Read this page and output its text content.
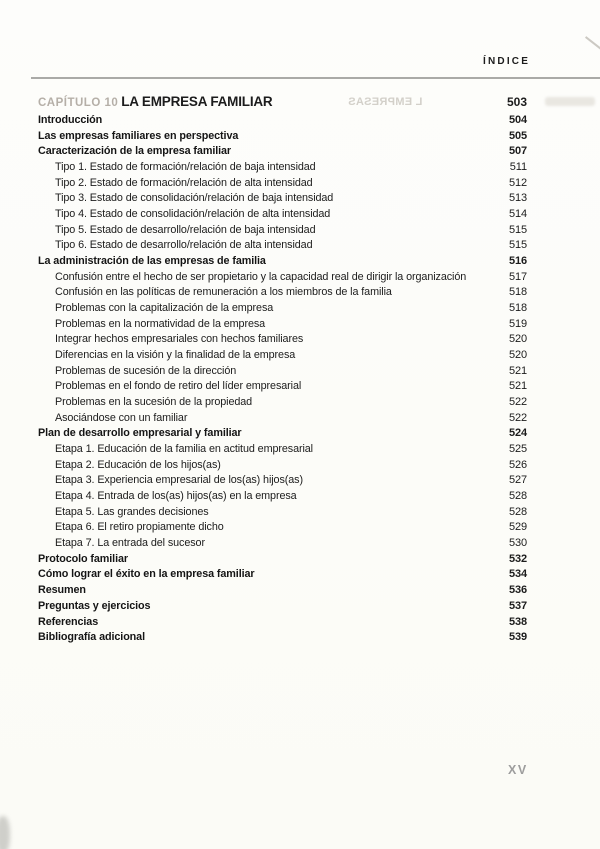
ÍNDICE
CAPÍTULO 10 LA EMPRESA FAMILIAR	L EMPRESAS	503
Introducción	504
Las empresas familiares en perspectiva	505
Caracterización de la empresa familiar	507
Tipo 1. Estado de formación/relación de baja intensidad	511
Tipo 2. Estado de formación/relación de alta intensidad	512
Tipo 3. Estado de consolidación/relación de baja intensidad	513
Tipo 4. Estado de consolidación/relación de alta intensidad	514
Tipo 5. Estado de desarrollo/relación de baja intensidad	515
Tipo 6. Estado de desarrollo/relación de alta intensidad	515
La administración de las empresas de familia	516
Confusión entre el hecho de ser propietario y la capacidad real de dirigir la organización	517
Confusión en las políticas de remuneración a los miembros de la familia	518
Problemas con la capitalización de la empresa	518
Problemas en la normatividad de la empresa	519
Integrar hechos empresariales con hechos familiares	520
Diferencias en la visión y la finalidad de la empresa	520
Problemas de sucesión de la dirección	521
Problemas en el fondo de retiro del líder empresarial	521
Problemas en la sucesión de la propiedad	522
Asociándose con un familiar	522
Plan de desarrollo empresarial y familiar	524
Etapa 1. Educación de la familia en actitud empresarial	525
Etapa 2. Educación de los hijos(as)	526
Etapa 3. Experiencia empresarial de los(as) hijos(as)	527
Etapa 4. Entrada de los(as) hijos(as) en la empresa	528
Etapa 5. Las grandes decisiones	528
Etapa 6. El retiro propiamente dicho	529
Etapa 7. La entrada del sucesor	530
Protocolo familiar	532
Cómo lograr el éxito en la empresa familiar	534
Resumen	536
Preguntas y ejercicios	537
Referencias	538
Bibliografía adicional	539
XV
